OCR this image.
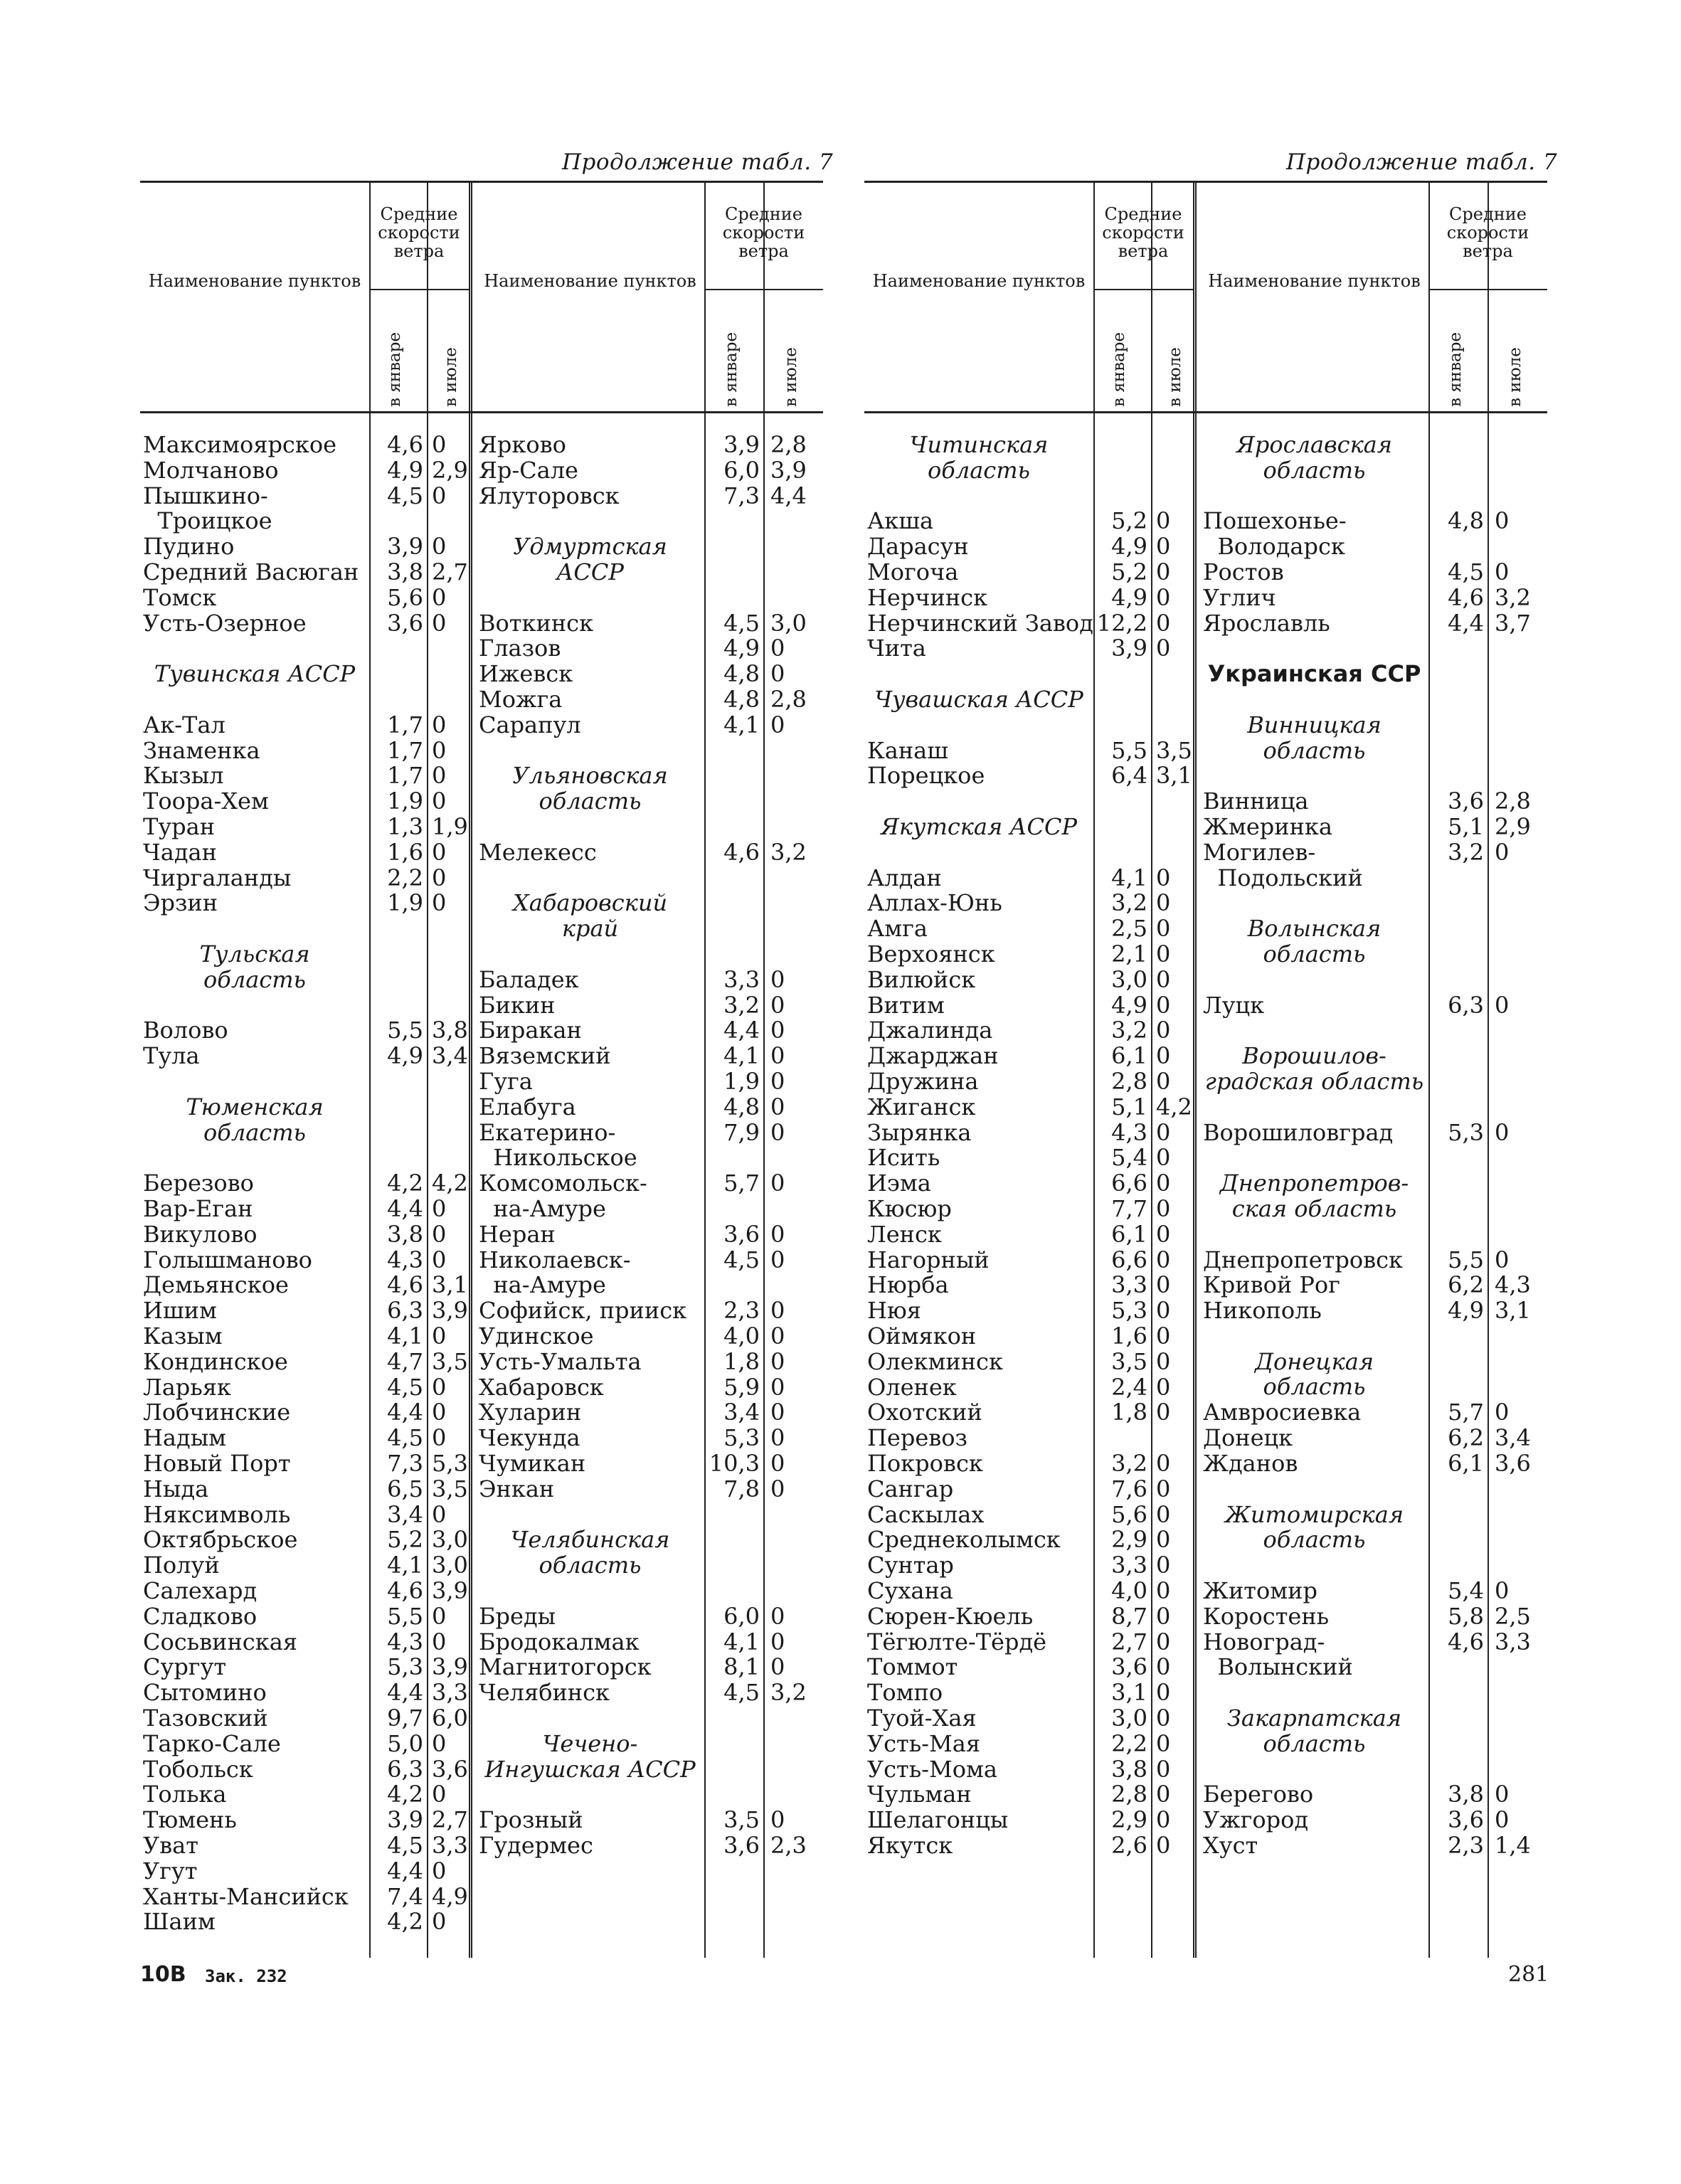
Продолжение табл. 7	Продолжение табл. 7
Наименование пунктов	Наименование пунктов
Средние скорости ветра
Средние скорости ветра
в январе в июле	в январе	в июле
Максимоярское	4,6 0
Молчаново	4,9 2,9
Пышкино-	4,5 0
Троицкое
Пудино	3,9 0
Средний Васюган	3,8 2,7
Томск	5,6 0
Усть-Озерное	3,6 0
Тувинская АССР
Ак-Тал	1,7 0
Знаменка	1,7 0
Кызыл	1,7 0
Тоора-Хем	1,9 0
Туран	1,3 1,9
Чадан	1,6 0
Чиргаланды	2,2 0
Эрзин	1,9 0
Тульская
область
Волово	5,5 3,8
Тула	4,9 3,4
Тюменская
область
Березово	4,2 4,2
Вар-Еган	4,4 0
Викулово	3,8 0
Голышманово	4,3 0
Демьянское	4,6 3,1
Ишим	6,3 3,9
Казым	4,1 0
Кондинское	4,7 3,5
Ларьяк	4,5 0
Лобчинские	4,4 0
Надым	4,5 0
Новый Порт	7,3 5,3
Ныда	6,5 3,5
Няксимволь	3,4 0
Октябрьское	5,2 3,0
Полуй	4,1 3,0
Салехард	4,6 3,9
Сладково	5,5 0
Сосьвинская	4,3 0
Сургут	5,3 3,9
Сытомино	4,4 3,3
Тазовский	9,7 6,0
Тарко-Сале	5,0 0
Тобольск	6,3 3,6
Толька	4,2 0
Тюмень	3,9 2,7
Уват	4,5 3,3
Угут	4,4 0
Ханты-Мансийск	7,4 4,9
Шаим	4,2 0
Ярково	3,9 2,8
Яр-Сале	6,0 3,9
Ялуторовск	7,3 4,4
Удмуртская
АССР
Воткинск	4,5 3,0
Глазов	4,9 0
Ижевск	4,8 0
Можга	4,8 2,8
Сарапул	4,1 0
Ульяновская
область
Мелекесс	4,6 3,2
Хабаровский
край
Баладек	3,3 0
Бикин	3,2 0
Биракан	4,4 0
Вяземский	4,1 0
Гуга	1,9 0
Елабуга	4,8 0
Екатерино-	7,9 0
Никольское
Комсомольск-	5,7 0
на-Амуре
Неран	3,6 0
Николаевск-	4,5 0
на-Амуре
Софийск, прииск	2,3 0
Удинское	4,0 0
Усть-Умальта	1,8 0
Хабаровск	5,9 0
Хуларин	3,4 0
Чекунда	5,3 0
Чумикан	10,3 0
Энкан	7,8 0
Челябинская
область
Бреды	6,0 0
Бродокалмак	4,1 0
Магнитогорск	8,1 0
Челябинск	4,5 3,2
Чечено-
Ингушская АССР
Грозный	3,5 0
Гудермес	3,6 2,3
Наименование пунктов	Наименование пунктов
Средние скорости ветра
Средние скорости ветра
в январе в июле	в январе	в июле
Читинская
область
Акша	5,2 0
Дарасун	4,9 0
Могоча	5,2 0
Нерчинск	4,9 0
Нерчинский Завод 12,2 0
Чита	3,9 0
Чувашская АССР
Канаш	5,5 3,5
Порецкое	6,4 3,1
Якутская АССР
Алдан	4,1 0
Аллах-Юнь	3,2 0
Амга	2,5 0
Верхоянск	2,1 0
Вилюйск	3,0 0
Витим	4,9 0
Джалинда	3,2 0
Джарджан	6,1 0
Дружина	2,8 0
Жиганск	5,1 4,2
Зырянка	4,3 0
Исить	5,4 0
Иэма	6,6 0
Кюсюр	7,7 0
Ленск	6,1 0
Нагорный	6,6 0
Нюрба	3,3 0
Нюя	5,3 0
Оймякон	1,6 0
Олекминск	3,5 0
Оленек	2,4 0
Охотский	1,8 0
Перевоз
Покровск	3,2 0
Сангар	7,6 0
Саскылах	5,6 0
Среднеколымск	2,9 0
Сунтар	3,3 0
Сухана	4,0 0
Сюрен-Кюель	8,7 0
Тёгюлте-Тёрдё	2,7 0
Томмот	3,6 0
Томпо	3,1 0
Туой-Хая	3,0 0
Усть-Мая	2,2 0
Усть-Мома	3,8 0
Чульман	2,8 0
Шелагонцы	2,9 0
Якутск	2,6 0
Ярославская
область
Пошехонье-	4,8 0
Володарск
Ростов	4,5 0
Углич	4,6 3,2
Ярославль	4,4 3,7
Украинская ССР
Винницкая
область
Винница	3,6 2,8
Жмеринка	5,1 2,9
Могилев-	3,2 0
Подольский
Волынская
область
Луцк	6,3 0
Ворошилов-
градская область
Ворошиловград	5,3 0
Днепропетров-
ская область
Днепропетровск	5,5 0
Кривой Рог	6,2 4,3
Никополь	4,9 3,1
Донецкая область
Амвросиевка	5,7 0
Донецк	6,2 3,4
Жданов	6,1 3,6
Житомирская
область
Житомир	5,4 0
Коростень	5,8 2,5
Новоград-	4,6 3,3
Волынский
Закарпатская
область
Берегово	3,8 0
Ужгород	3,6 0
Хуст	2,3 1,4
10В Зак. 232	281
